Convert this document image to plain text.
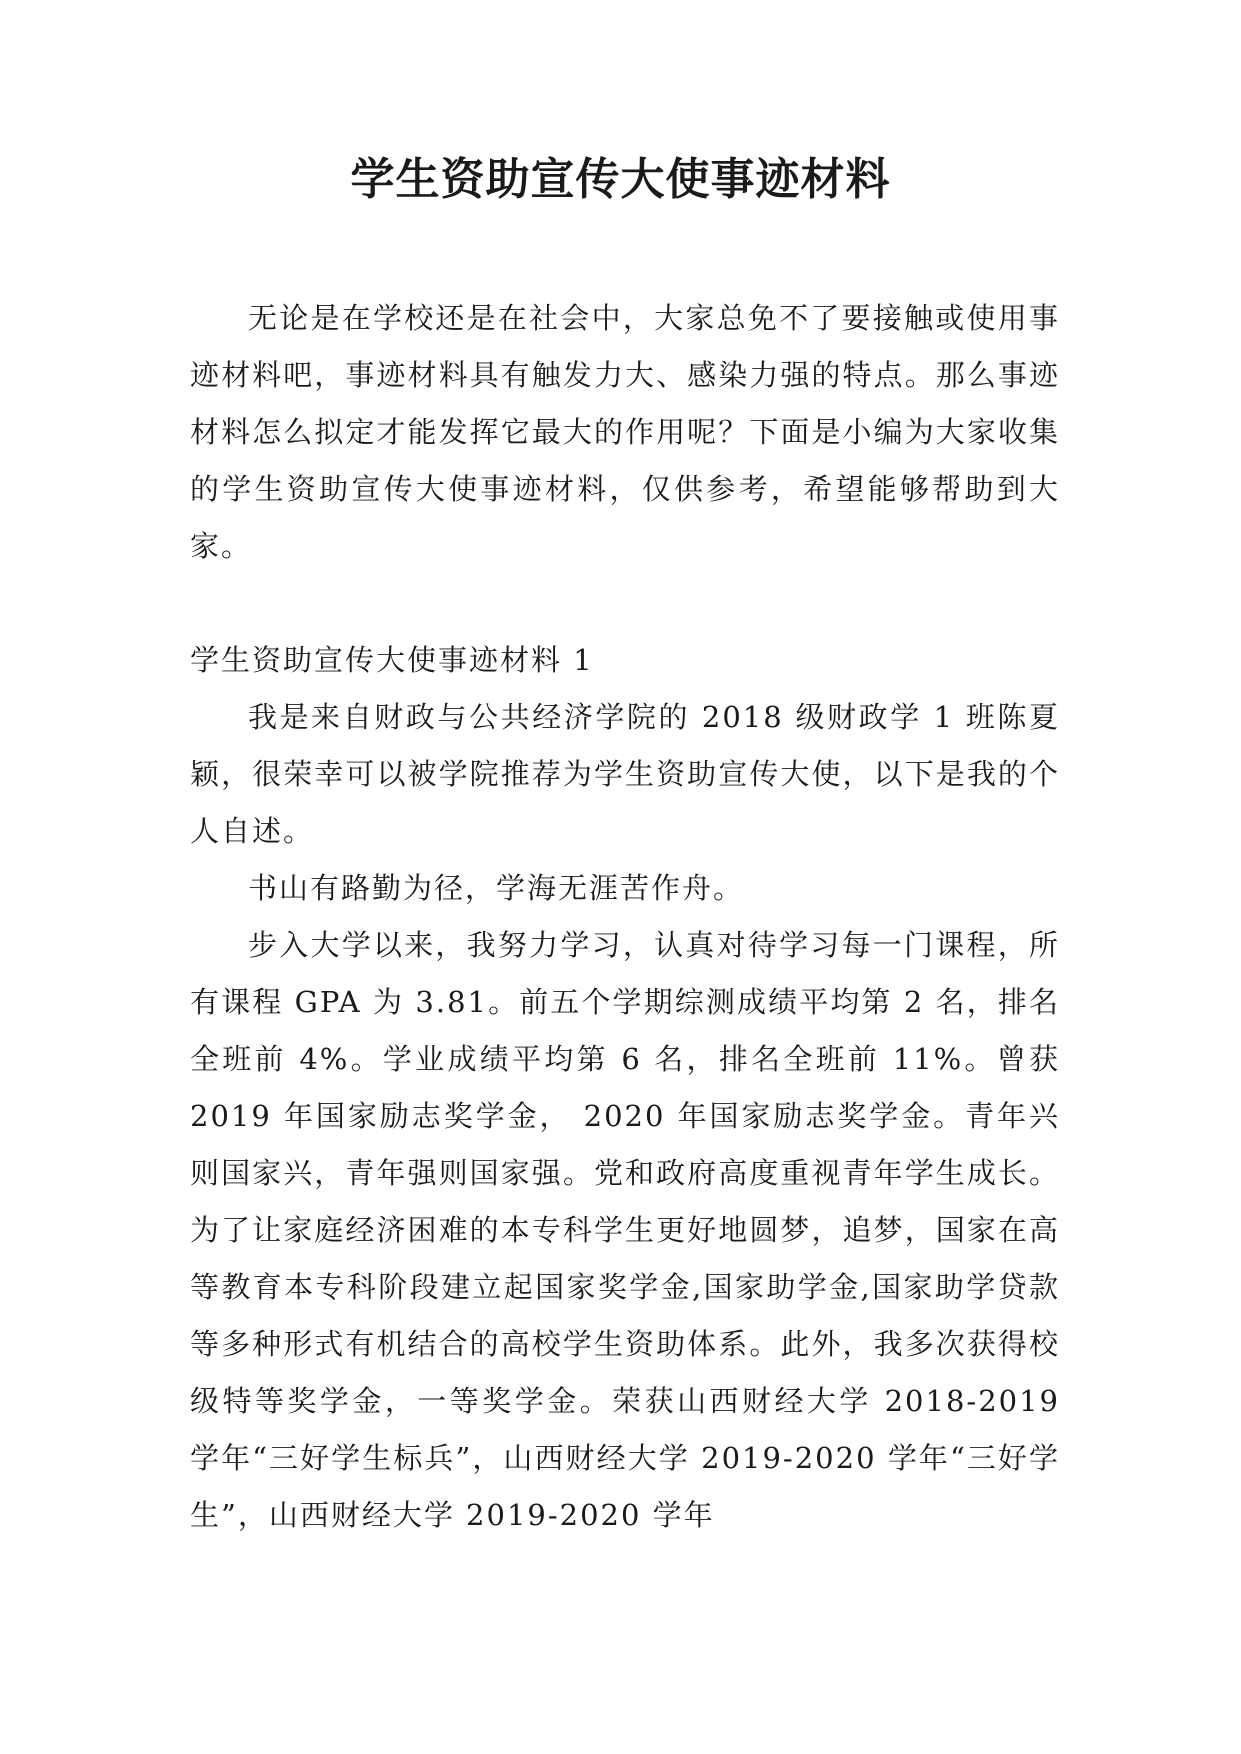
学生资助宣传大使事迹材料

无论是在学校还是在社会中，大家总免不了要接触或使用事迹材料吧，事迹材料具有触发力大、感染力强的特点。那么事迹材料怎么拟定才能发挥它最大的作用呢？下面是小编为大家收集的学生资助宣传大使事迹材料，仅供参考，希望能够帮助到大家。

学生资助宣传大使事迹材料 1

我是来自财政与公共经济学院的 2018 级财政学 1 班陈夏颖，很荣幸可以被学院推荐为学生资助宣传大使，以下是我的个人自述。

书山有路勤为径，学海无涯苦作舟。

步入大学以来，我努力学习，认真对待学习每一门课程，所有课程 GPA 为 3.81。前五个学期综测成绩平均第 2 名，排名全班前 4%。学业成绩平均第 6 名，排名全班前 11%。曾获 2019 年国家励志奖学金， 2020 年国家励志奖学金。青年兴则国家兴，青年强则国家强。党和政府高度重视青年学生成长。为了让家庭经济困难的本专科学生更好地圆梦，追梦，国家在高等教育本专科阶段建立起国家奖学金,国家助学金,国家助学贷款等多种形式有机结合的高校学生资助体系。此外，我多次获得校级特等奖学金，一等奖学金。荣获山西财经大学 2018-2019 学年“三好学生标兵”，山西财经大学 2019-2020 学年“三好学生”，山西财经大学 2019-2020 学年
